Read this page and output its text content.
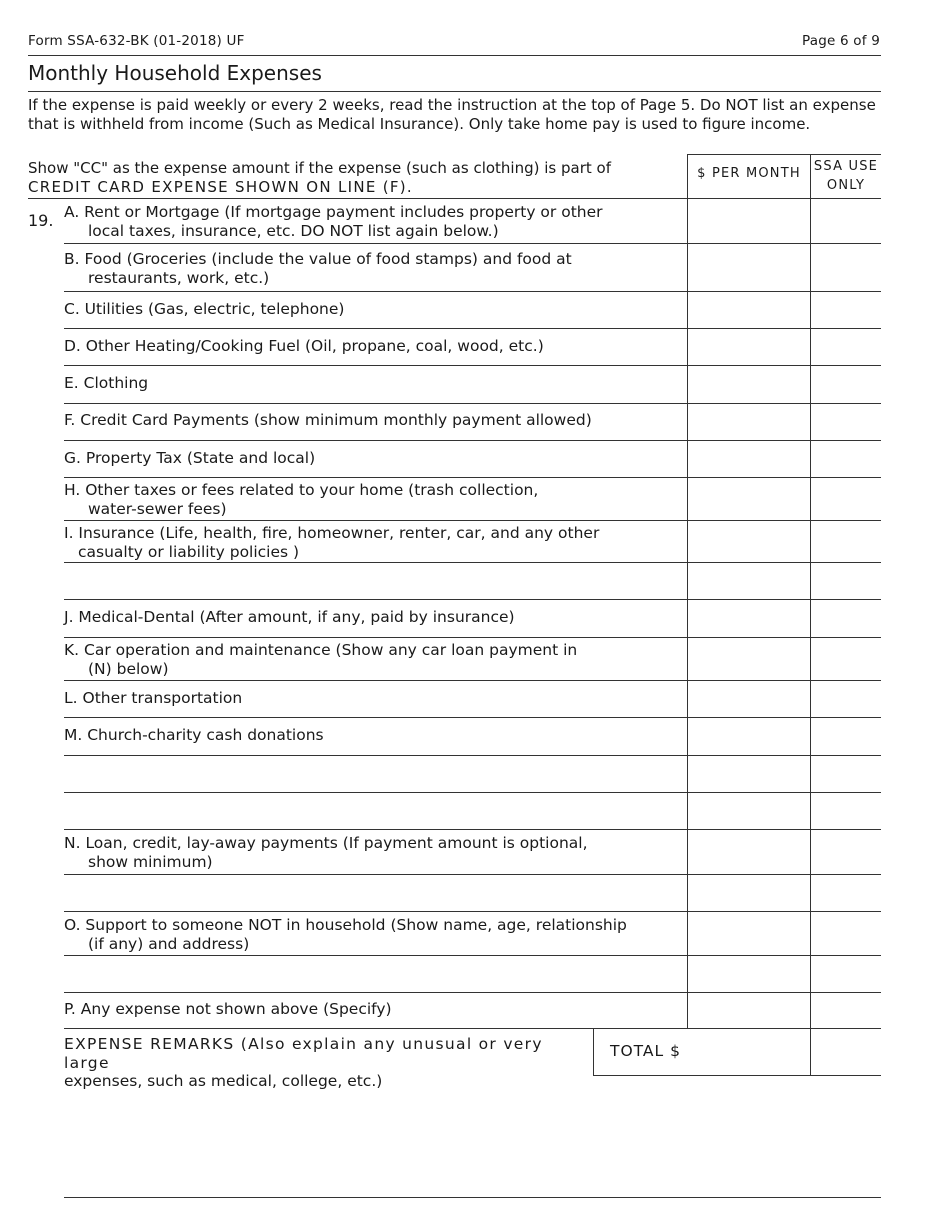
Form SSA-632-BK (01-2018) UF	Page 6 of 9
Monthly Household Expenses
If the expense is paid weekly or every 2 weeks, read the instruction at the top of Page 5. Do NOT list an expense that is withheld from income (Such as Medical Insurance). Only take home pay is used to figure income.
Show "CC" as the expense amount if the expense (such as clothing) is part of
CREDIT CARD EXPENSE SHOWN ON LINE (F).
$ PER MONTH	SSA USE
ONLY
19. A. Rent or Mortgage (If mortgage payment includes property or other
local taxes, insurance, etc. DO NOT list again below.)
B. Food (Groceries (include the value of food stamps) and food at
restaurants, work, etc.)
C. Utilities (Gas, electric, telephone)
D. Other Heating/Cooking Fuel (Oil, propane, coal, wood, etc.)
E. Clothing
F. Credit Card Payments (show minimum monthly payment allowed)
G. Property Tax (State and local)
H. Other taxes or fees related to your home (trash collection,
water-sewer fees)
I. Insurance (Life, health, fire, homeowner, renter, car, and any other
casualty or liability policies )
J. Medical-Dental (After amount, if any, paid by insurance)
K. Car operation and maintenance (Show any car loan payment in
(N) below)
L. Other transportation
M. Church-charity cash donations
N. Loan, credit, lay-away payments (If payment amount is optional,
show minimum)
O. Support to someone NOT in household (Show name, age, relationship
(if any) and address)
P. Any expense not shown above (Specify)
EXPENSE REMARKS (Also explain any unusual or very large
expenses, such as medical, college, etc.)
TOTAL $
